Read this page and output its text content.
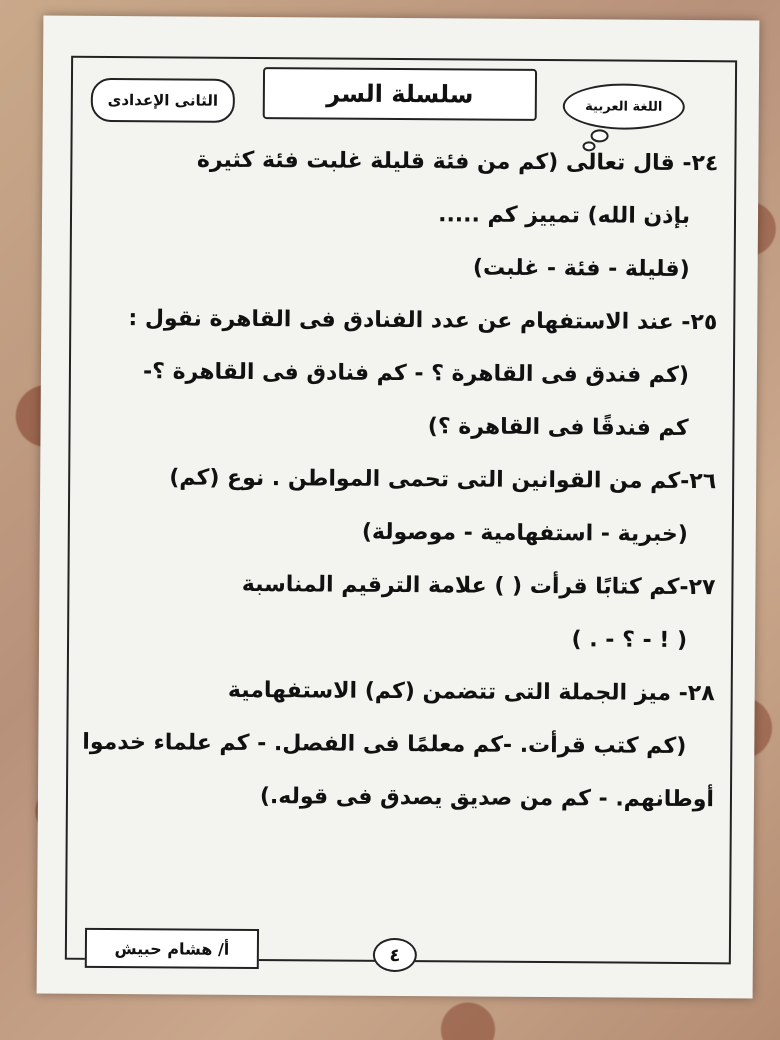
سلسلة السر
الثانى الإعدادى	اللغة العربية
٢٤- قال تعالى (كم من فئة قليلة غلبت فئة كثيرة
بإذن الله) تمييز كم .....
(قليلة - فئة - غلبت)
٢٥- عند الاستفهام عن عدد الفنادق فى القاهرة نقول :
(كم فندق فى القاهرة ؟ - كم فنادق فى القاهرة ؟-
كم فندقًا فى القاهرة ؟)
٢٦-كم من القوانين التى تحمى المواطن . نوع (كم)
(خبرية - استفهامية - موصولة)
٢٧-كم كتابًا قرأت ( ) علامة الترقيم المناسبة
( ! - ؟ - . )
٢٨- ميز الجملة التى تتضمن (كم) الاستفهامية
(كم كتب قرأت. -كم معلمًا فى الفصل. - كم علماء خدموا
أوطانهم. - كم من صديق يصدق فى قوله.)
أ/ هشام حبيش	٤
